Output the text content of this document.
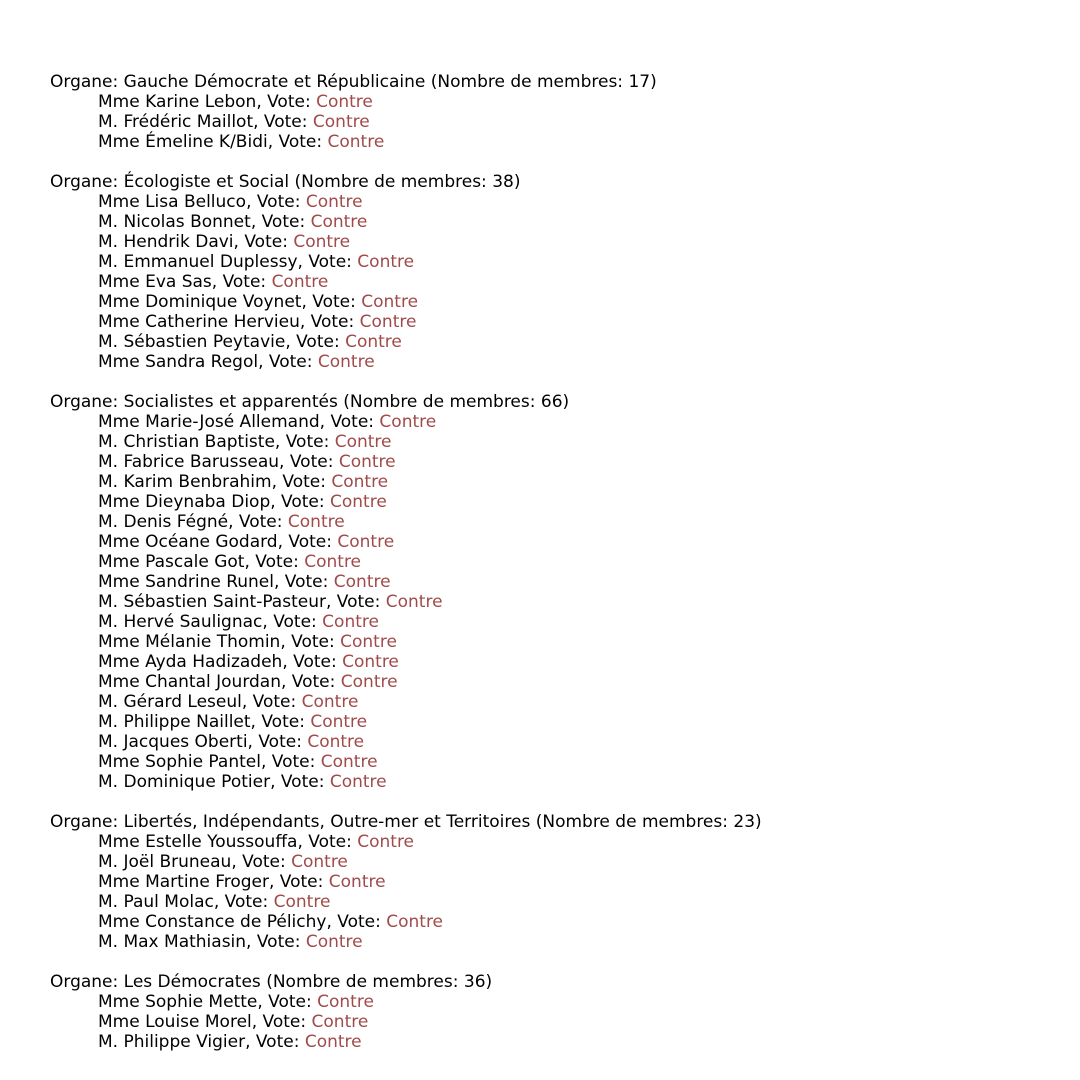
Organe: Gauche Démocrate et Républicaine (Nombre de membres: 17)
Mme Karine Lebon, Vote: Contre
M. Frédéric Maillot, Vote: Contre
Mme Émeline K/Bidi, Vote: Contre
Organe: Écologiste et Social (Nombre de membres: 38)
Mme Lisa Belluco, Vote: Contre
M. Nicolas Bonnet, Vote: Contre
M. Hendrik Davi, Vote: Contre
M. Emmanuel Duplessy, Vote: Contre
Mme Eva Sas, Vote: Contre
Mme Dominique Voynet, Vote: Contre
Mme Catherine Hervieu, Vote: Contre
M. Sébastien Peytavie, Vote: Contre
Mme Sandra Regol, Vote: Contre
Organe: Socialistes et apparentés (Nombre de membres: 66)
Mme Marie-José Allemand, Vote: Contre
M. Christian Baptiste, Vote: Contre
M. Fabrice Barusseau, Vote: Contre
M. Karim Benbrahim, Vote: Contre
Mme Dieynaba Diop, Vote: Contre
M. Denis Fégné, Vote: Contre
Mme Océane Godard, Vote: Contre
Mme Pascale Got, Vote: Contre
Mme Sandrine Runel, Vote: Contre
M. Sébastien Saint-Pasteur, Vote: Contre
M. Hervé Saulignac, Vote: Contre
Mme Mélanie Thomin, Vote: Contre
Mme Ayda Hadizadeh, Vote: Contre
Mme Chantal Jourdan, Vote: Contre
M. Gérard Leseul, Vote: Contre
M. Philippe Naillet, Vote: Contre
M. Jacques Oberti, Vote: Contre
Mme Sophie Pantel, Vote: Contre
M. Dominique Potier, Vote: Contre
Organe: Libertés, Indépendants, Outre-mer et Territoires (Nombre de membres: 23)
Mme Estelle Youssouffa, Vote: Contre
M. Joël Bruneau, Vote: Contre
Mme Martine Froger, Vote: Contre
M. Paul Molac, Vote: Contre
Mme Constance de Pélichy, Vote: Contre
M. Max Mathiasin, Vote: Contre
Organe: Les Démocrates (Nombre de membres: 36)
Mme Sophie Mette, Vote: Contre
Mme Louise Morel, Vote: Contre
M. Philippe Vigier, Vote: Contre
